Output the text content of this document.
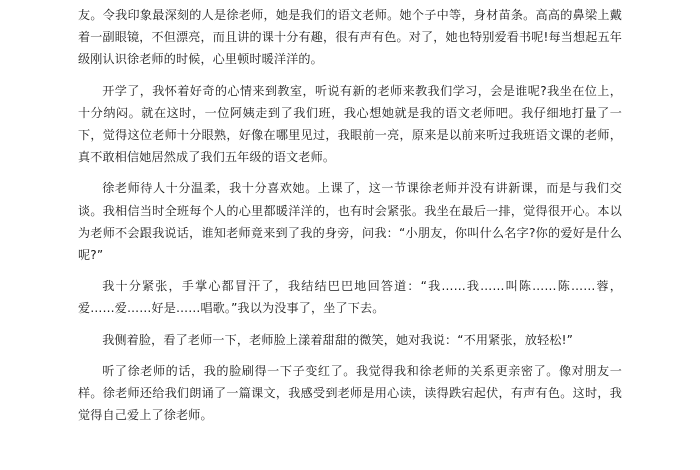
友。令我印象最深刻的人是徐老师，她是我们的语文老师。她个子中等，身材苗条。高高的鼻梁上戴着一副眼镜，不但漂亮，而且讲的课十分有趣，很有声有色。对了，她也特别爱看书呢!每当想起五年级刚认识徐老师的时候，心里顿时暖洋洋的。

开学了，我怀着好奇的心情来到教室，听说有新的老师来教我们学习，会是谁呢?我坐在位上，十分纳闷。就在这时，一位阿姨走到了我们班，我心想她就是我的语文老师吧。我仔细地打量了一下，觉得这位老师十分眼熟，好像在哪里见过，我眼前一亮，原来是以前来听过我班语文课的老师，真不敢相信她居然成了我们五年级的语文老师。

徐老师待人十分温柔，我十分喜欢她。上课了，这一节课徐老师并没有讲新课，而是与我们交谈。我相信当时全班每个人的心里都暖洋洋的，也有时会紧张。我坐在最后一排，觉得很开心。本以为老师不会跟我说话，谁知老师竟来到了我的身旁，问我：“小朋友，你叫什么名字?你的爱好是什么呢?”

我十分紧张，手掌心都冒汗了，我结结巴巴地回答道：“我……我……叫陈……陈……蓉，爱……爱……好是……唱歌。”我以为没事了，坐了下去。

我侧着脸，看了老师一下，老师脸上漾着甜甜的微笑，她对我说：“不用紧张，放轻松!”

听了徐老师的话，我的脸刷得一下子变红了。我觉得我和徐老师的关系更亲密了。像对朋友一样。徐老师还给我们朗诵了一篇课文，我感受到老师是用心读，读得跌宕起伏，有声有色。这时，我觉得自己爱上了徐老师。
